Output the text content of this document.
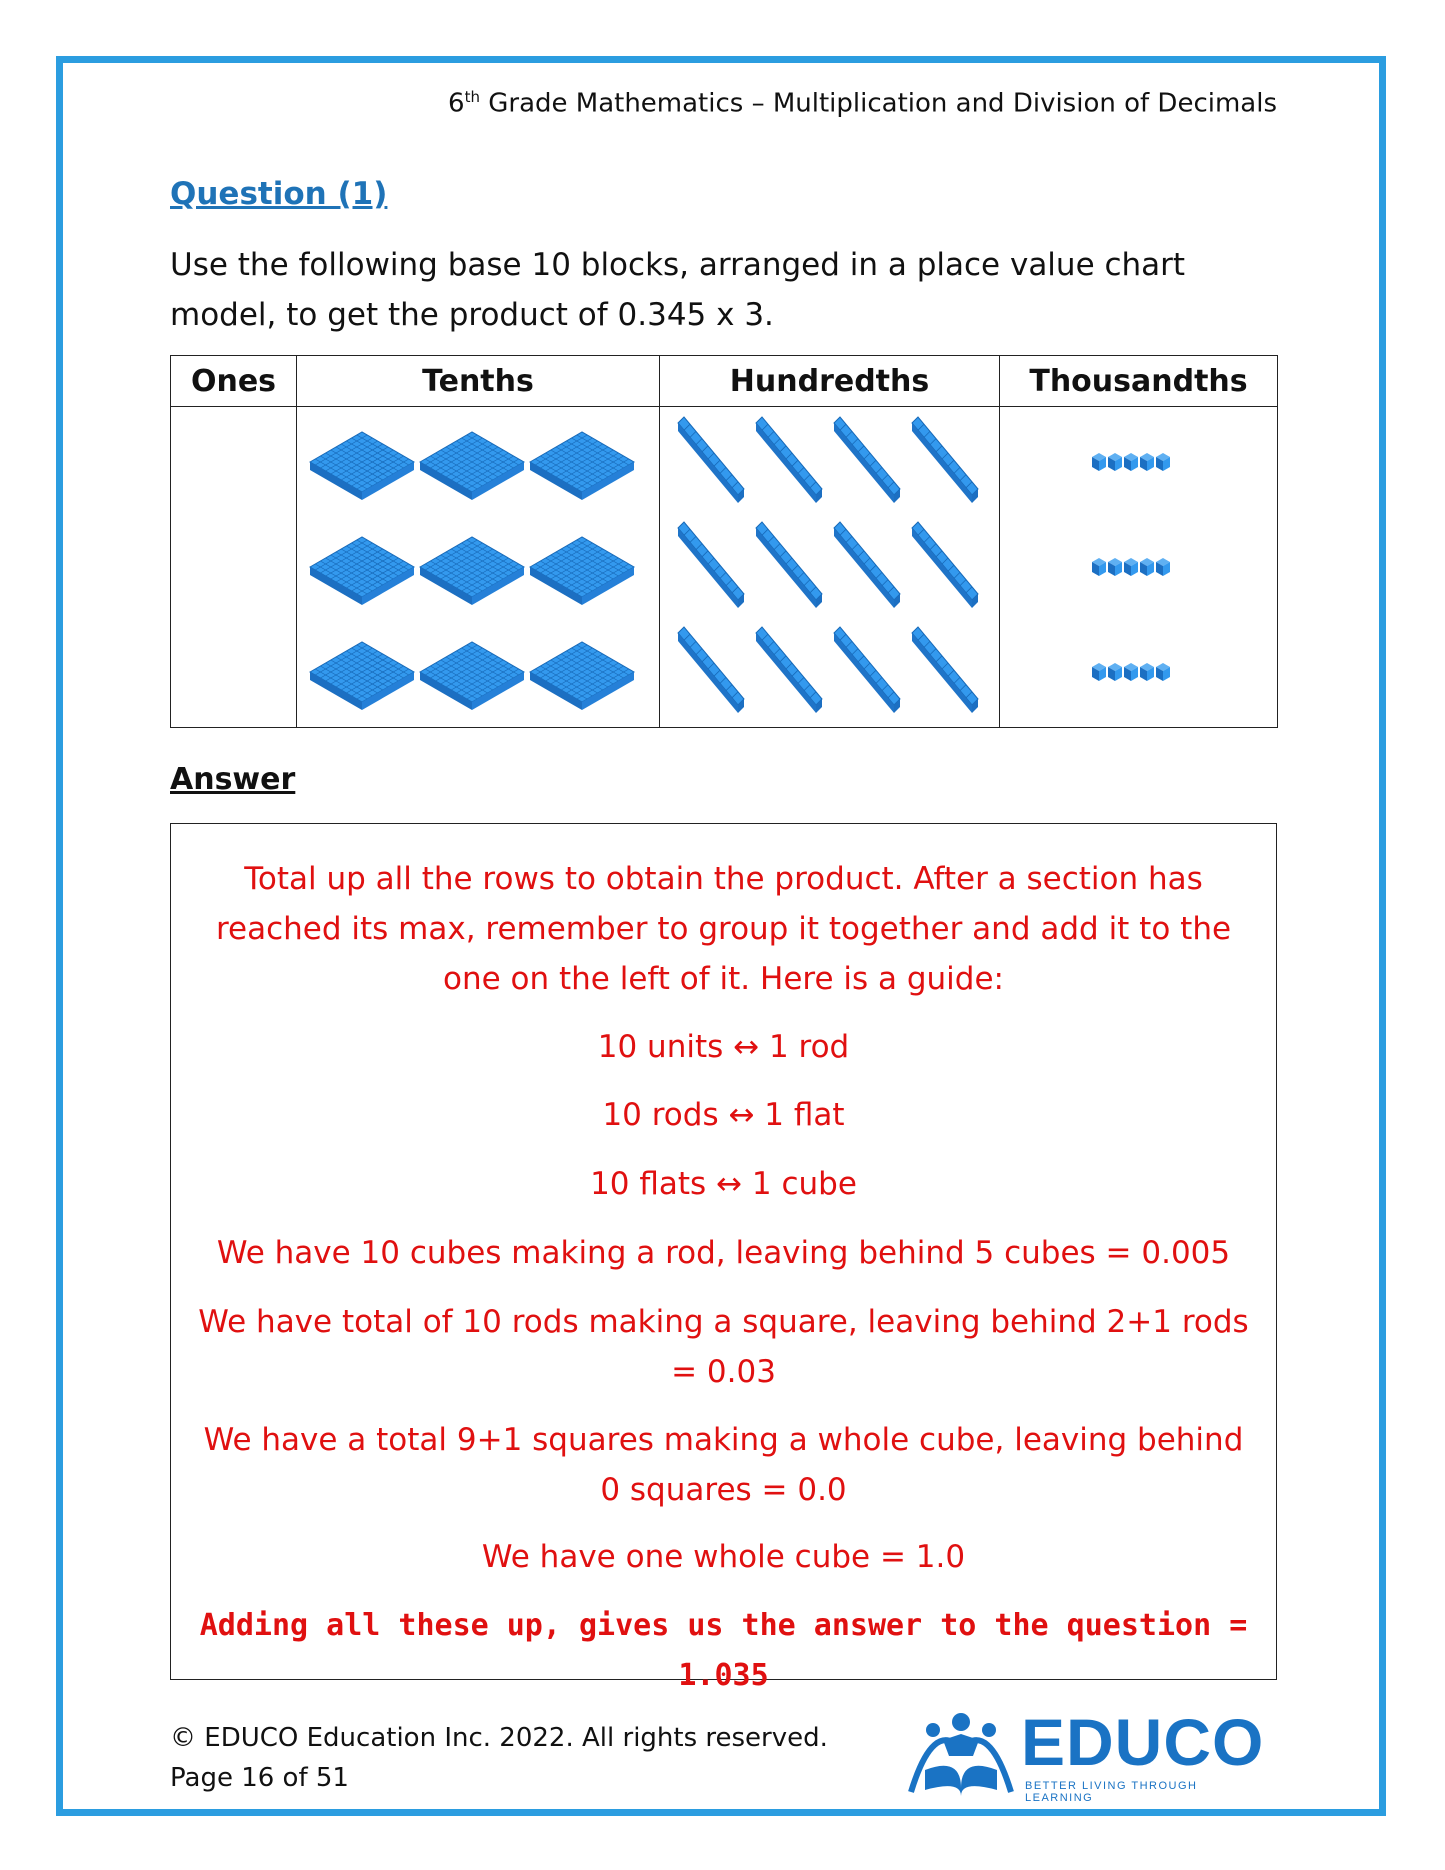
6th Grade Mathematics – Multiplication and Division of Decimals
Question (1)
Use the following base 10 blocks, arranged in a place value chart model, to get the product of 0.345 x 3.
Ones	Tenths	Hundredths	Thousandths

Answer

Total up all the rows to obtain the product. After a section has reached its max, remember to group it together and add it to the one on the left of it. Here is a guide:

10 units ↔ 1 rod

10 rods ↔ 1 flat

10 flats ↔ 1 cube

We have 10 cubes making a rod, leaving behind 5 cubes = 0.005

We have total of 10 rods making a square, leaving behind 2+1 rods = 0.03

We have a total 9+1 squares making a whole cube, leaving behind 0 squares = 0.0

We have one whole cube = 1.0

Adding all these up, gives us the answer to the question = 1.035

© EDUCO Education Inc. 2022. All rights reserved.
Page 16 of 51	EDUCO
BETTER LIVING THROUGH LEARNING
